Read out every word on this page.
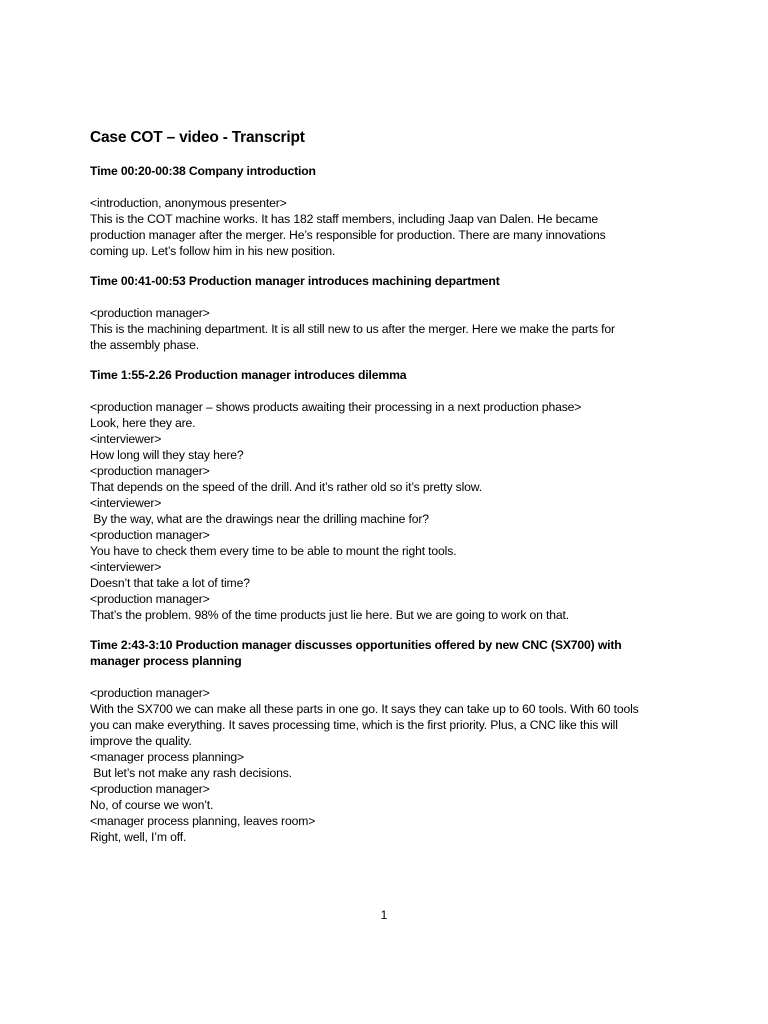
Case COT – video - Transcript
Time 00:20-00:38 Company introduction
<introduction, anonymous presenter>
This is the COT machine works. It has 182 staff members, including Jaap van Dalen. He became
production manager after the merger. He’s responsible for production. There are many innovations
coming up. Let’s follow him in his new position.
Time 00:41-00:53 Production manager introduces machining department
<production manager>
This is the machining department. It is all still new to us after the merger. Here we make the parts for
the assembly phase.
Time 1:55-2.26 Production manager introduces dilemma
<production manager – shows products awaiting their processing in a next production phase>
Look, here they are.
<interviewer>
How long will they stay here?
<production manager>
That depends on the speed of the drill. And it’s rather old so it’s pretty slow.
<interviewer>
By the way, what are the drawings near the drilling machine for?
<production manager>
You have to check them every time to be able to mount the right tools.
<interviewer>
Doesn’t that take a lot of time?
<production manager>
That’s the problem. 98% of the time products just lie here. But we are going to work on that.
Time 2:43-3:10 Production manager discusses opportunities offered by new CNC (SX700) with
manager process planning
<production manager>
With the SX700 we can make all these parts in one go. It says they can take up to 60 tools. With 60 tools
you can make everything. It saves processing time, which is the first priority. Plus, a CNC like this will
improve the quality.
<manager process planning>
But let’s not make any rash decisions.
<production manager>
No, of course we won’t.
<manager process planning, leaves room>
Right, well, I’m off.
1
